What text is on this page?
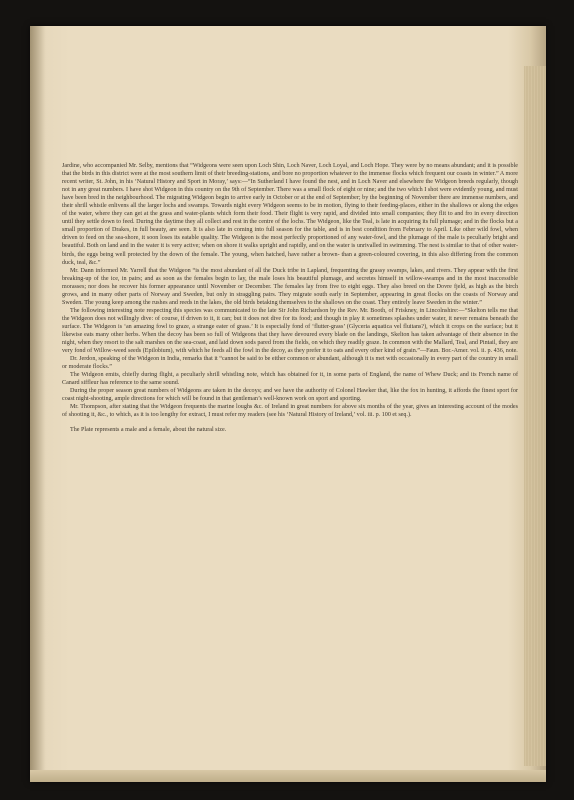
Jardine, who accompanied Mr. Selby, mentions that “Widgeons were seen upon Loch Shin, Loch Naver, Loch Loyal, and Loch Hope. They were by no means abundant; and it is possible that the birds in this district were at the most southern limit of their breeding-stations, and bore no proportion whatever to the immense flocks which frequent our coasts in winter.” A more recent writer, St. John, in his ‘Natural History and Sport in Moray,’ says:—“In Sutherland I have found the nest, and in Loch Naver and elsewhere the Widgeon breeds regularly, though not in any great numbers. I have shot Widgeon in this country on the 9th of September. There was a small flock of eight or nine; and the two which I shot were evidently young, and must have been bred in the neighbourhood. The migrating Widgeon begin to arrive early in October or at the end of September; by the beginning of November there are immense numbers, and their shrill whistle enlivens all the larger lochs and swamps. Towards night every Widgeon seems to be in motion, flying to their feeding-places, either in the shallows or along the edges of the water, where they can get at the grass and water-plants which form their food. Their flight is very rapid, and divided into small companies; they flit to and fro in every direction until they settle down to feed. During the daytime they all collect and rest in the centre of the lochs. The Widgeon, like the Teal, is late in acquiring its full plumage; and in the flocks but a small proportion of Drakes, in full beauty, are seen. It is also late in coming into full season for the table, and is in best condition from February to April. Like other wild fowl, when driven to feed on the sea-shore, it soon loses its eatable quality. The Widgeon is the most perfectly proportioned of any water-fowl, and the plumage of the male is peculiarly bright and beautiful. Both on land and in the water it is very active; when on shore it walks upright and rapidly, and on the water is unrivalled in swimming. The nest is similar to that of other water-birds, the eggs being well protected by the down of the female. The young, when hatched, have rather a brown- than a green-coloured covering, in this also differing from the common duck, teal, &c.”

Mr. Dann informed Mr. Yarrell that the Widgeon “is the most abundant of all the Duck tribe in Lapland, frequenting the grassy swamps, lakes, and rivers. They appear with the first breaking-up of the ice, in pairs; and as soon as the females begin to lay, the male loses his beautiful plumage, and secretes himself in willow-swamps and in the most inaccessible morasses; nor does he recover his former appearance until November or December. The females lay from five to eight eggs. They also breed on the Dovre fjeld, as high as the birch grows, and in many other parts of Norway and Sweden, but only in straggling pairs. They migrate south early in September, appearing in great flocks on the coasts of Norway and Sweden. The young keep among the rushes and reeds in the lakes, the old birds betaking themselves to the shallows on the coast. They entirely leave Sweden in the winter.”

The following interesting note respecting this species was communicated to the late Sir John Richardson by the Rev. Mr. Booth, of Friskney, in Lincolnshire:—“Skelton tells me that the Widgeon does not willingly dive: of course, if driven to it, it can; but it does not dive for its food; and though in play it sometimes splashes under water, it never remains beneath the surface. The Widgeon is ‘an amazing fowl to graze, a strange eater of grass.’ It is especially fond of ‘flutter-grass’ (Glyceria aquatica vel fluitans?), which it crops on the surface; but it likewise eats many other herbs. When the decoy has been so full of Widgeons that they have devoured every blade on the landings, Skelton has taken advantage of their absence in the night, when they resort to the salt marshes on the sea-coast, and laid down sods pared from the fields, on which they readily graze. In common with the Mallard, Teal, and Pintail, they are very fond of Willow-weed seeds (Epilobium), with which he feeds all the fowl in the decoy, as they prefer it to oats and every other kind of grain.”—Faun. Bor.-Amer. vol. ii. p. 436, note.

Dr. Jerdon, speaking of the Widgeon in India, remarks that it “cannot be said to be either common or abundant, although it is met with occasionally in every part of the country in small or moderate flocks.”

The Widgeon emits, chiefly during flight, a peculiarly shrill whistling note, which has obtained for it, in some parts of England, the name of Whew Duck; and its French name of Canard siffleur has reference to the same sound.

During the proper season great numbers of Widgeons are taken in the decoys; and we have the authority of Colonel Hawker that, like the fox in hunting, it affords the finest sport for coast night-shooting, ample directions for which will be found in that gentleman’s well-known work on sport and sporting.

Mr. Thompson, after stating that the Widgeon frequents the marine loughs &c. of Ireland in great numbers for above six months of the year, gives an interesting account of the modes of shooting it, &c., to which, as it is too lengthy for extract, I must refer my readers (see his ‘Natural History of Ireland,’ vol. iii. p. 100 et seq.).

The Plate represents a male and a female, about the natural size.
